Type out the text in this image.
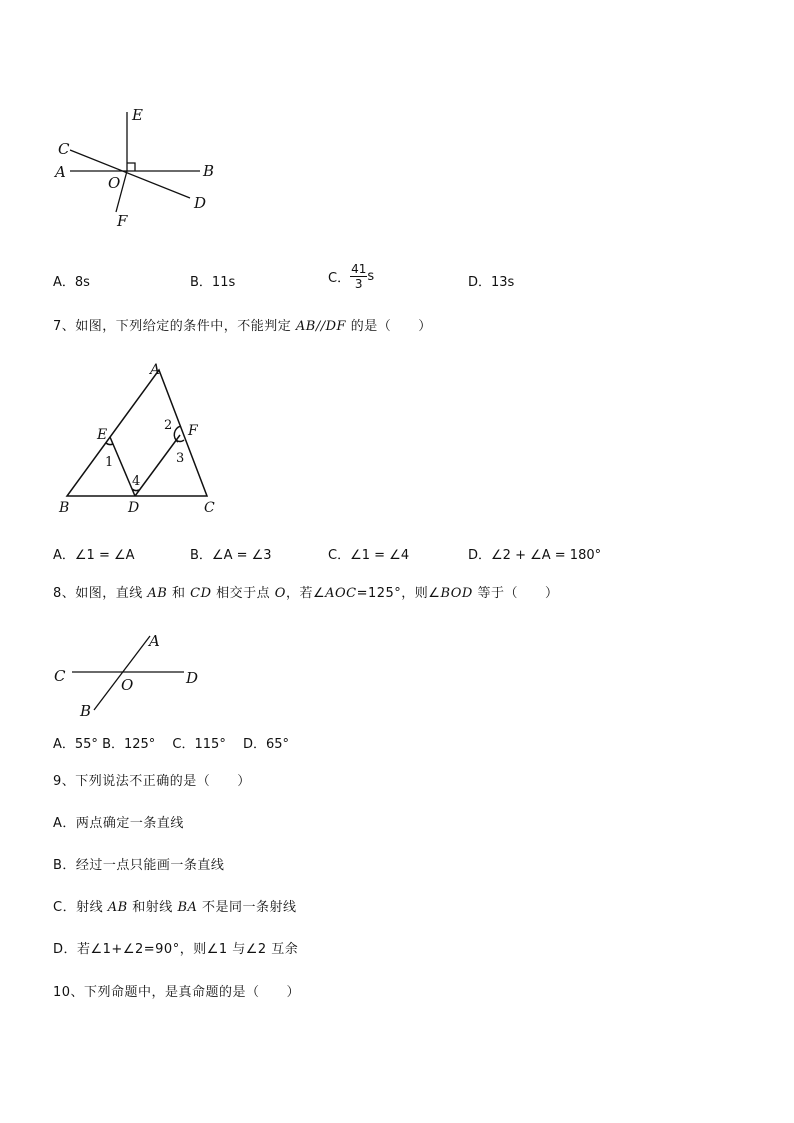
E
C
A
O
B
D
F
A．8s	B．11s	C． $\frac{41}{3}$ s	D．13s
7、如图，下列给定的条件中，不能判定 AB//DF 的是（　　）
A
B	C
D
E	F
1
2
3
4
A．∠1 = ∠A	B．∠A = ∠3	C．∠1 = ∠4	D．∠2 + ∠A = 180°
8、如图，直线 AB 和 CD 相交于点 O，若∠AOC=125°，则∠BOD 等于（　　）
A
C	O	D
B
A．55° B．125°　 C．115°　 D．65°
9、下列说法不正确的是（　　）
A．两点确定一条直线
B．经过一点只能画一条直线
C．射线 AB 和射线 BA 不是同一条射线
D．若∠1+∠2=90°，则∠1 与∠2 互余
10、下列命题中，是真命题的是（　　）
